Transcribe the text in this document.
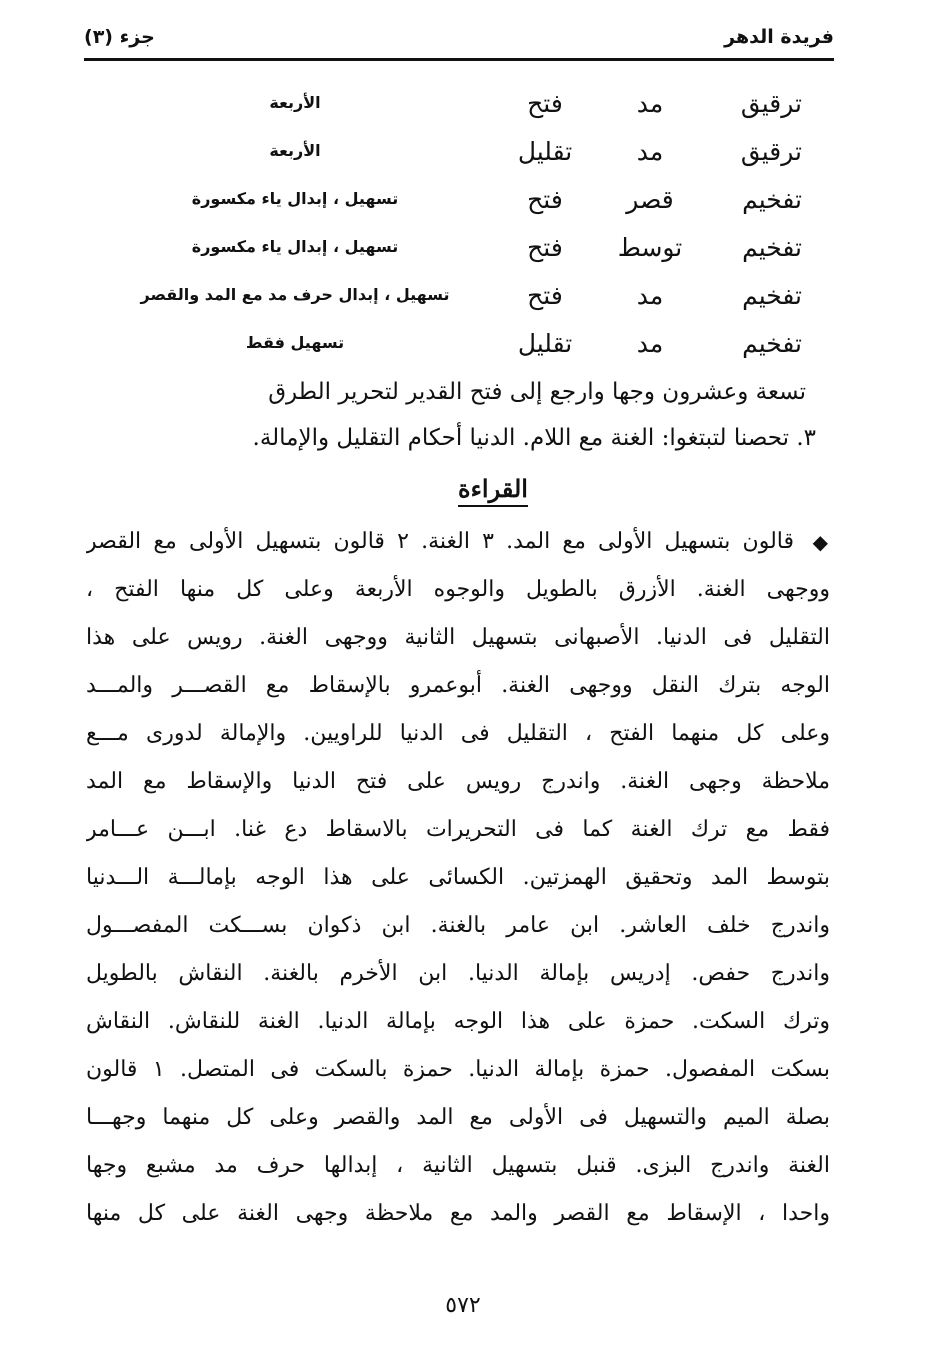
فريدة الدهر
جزء (٣)
ترقيق
مد
فتح
الأربعة
ترقيق
مد
تقليل
الأربعة
تفخيم
قصر
فتح
تسهيل ، إبدال ياء مكسورة
تفخيم
توسط
فتح
تسهيل ، إبدال ياء مكسورة
تفخيم
مد
فتح
تسهيل ، إبدال حرف مد مع المد والقصر
تفخيم
مد
تقليل
تسهيل فقط
تسعة وعشرون وجها وارجع إلى فتح القدير لتحرير الطرق
٣. تحصنا لتبتغوا: الغنة مع اللام. الدنيا أحكام التقليل والإمالة.
القراءة
◆
قالون بتسهيل الأولى مع المد. ٣ الغنة. ٢ قالون بتسهيل الأولى مع القصر
ووجهى الغنة. الأزرق بالطويل والوجوه الأربعة وعلى كل منها الفتح ،
التقليل فى الدنيا. الأصبهانى بتسهيل الثانية ووجهى الغنة. رويس على هذا
الوجه بترك النقل ووجهى الغنة. أبوعمرو بالإسقاط مع القصـــر والمـــد
وعلى كل منهما الفتح ، التقليل فى الدنيا للراويين. والإمالة لدورى مـــع
ملاحظة وجهى الغنة. واندرج رويس على فتح الدنيا والإسقاط مع المد
فقط مع ترك الغنة كما فى التحريرات بالاسقاط دع غنا. ابـــن عـــامر
بتوسط المد وتحقيق الهمزتين. الكسائى على هذا الوجه بإمالـــة الـــدنيا
واندرج خلف العاشر. ابن عامر بالغنة. ابن ذكوان بســـكت المفصـــول
واندرج حفص. إدريس بإمالة الدنيا. ابن الأخرم بالغنة. النقاش بالطويل
وترك السكت. حمزة على هذا الوجه بإمالة الدنيا. الغنة للنقاش. النقاش
بسكت المفصول. حمزة بإمالة الدنيا. حمزة بالسكت فى المتصل. ١ قالون
بصلة الميم والتسهيل فى الأولى مع المد والقصر وعلى كل منهما وجهـــا
الغنة واندرج البزى. قنبل بتسهيل الثانية ، إبدالها حرف مد مشبع وجها
واحدا ، الإسقاط مع القصر والمد مع ملاحظة وجهى الغنة على كل منها
٥٧٢
